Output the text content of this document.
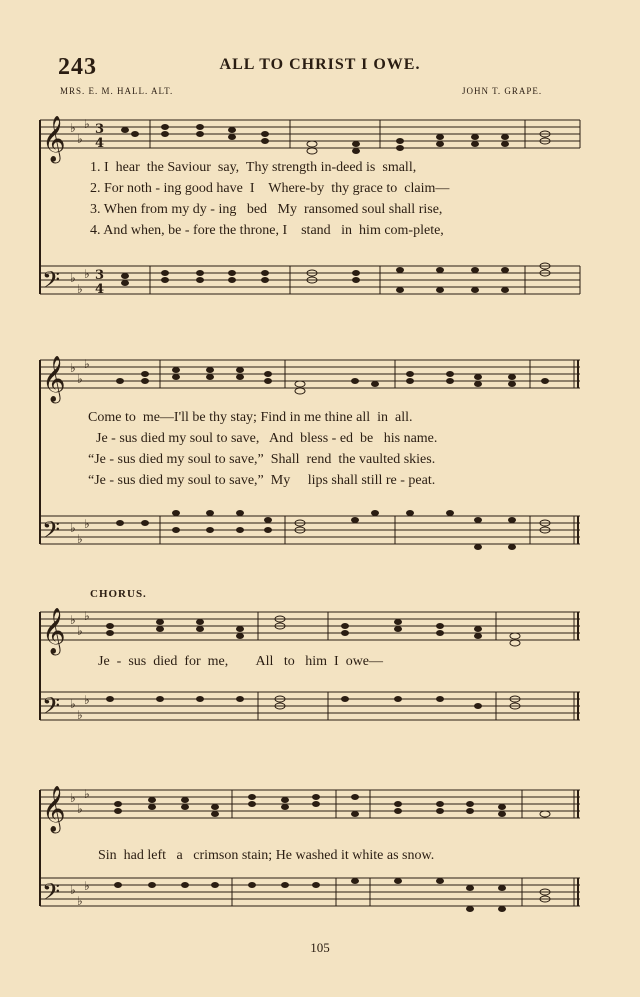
243	ALL TO CHRIST I OWE.
MRS. E. M. HALL. ALT.	JOHN T. GRAPE.
𝄞
𝄢
♭
♭
♭
♭
♭
♭
3
4
3
4

1. I  hear  the Saviour  say,  Thy strength in-deed is  small,

2. For noth - ing good have  I    Where-by  thy grace to  claim—

3. When from my dy - ing   bed   My  ransomed soul shall rise,

4. And when, be - fore the throne, I    stand   in  him com-plete,

𝄞
𝄢
♭
♭
♭
♭
♭
♭

Come to  me—I'll be thy stay; Find in me thine all  in  all.

Je - sus died my soul to save,   And  bless - ed  be   his name.

“Je - sus died my soul to save,”  Shall  rend  the vaulted skies.

“Je - sus died my soul to save,”  My     lips shall still re - peat.

CHORUS.
𝄞
𝄢
♭
♭
♭
♭
♭
♭

Je  -  sus  died  for  me,        All   to   him  I  owe—

𝄞
𝄢
♭
♭
♭
♭
♭
♭

Sin  had left   a   crimson stain; He washed it white as snow.

105
